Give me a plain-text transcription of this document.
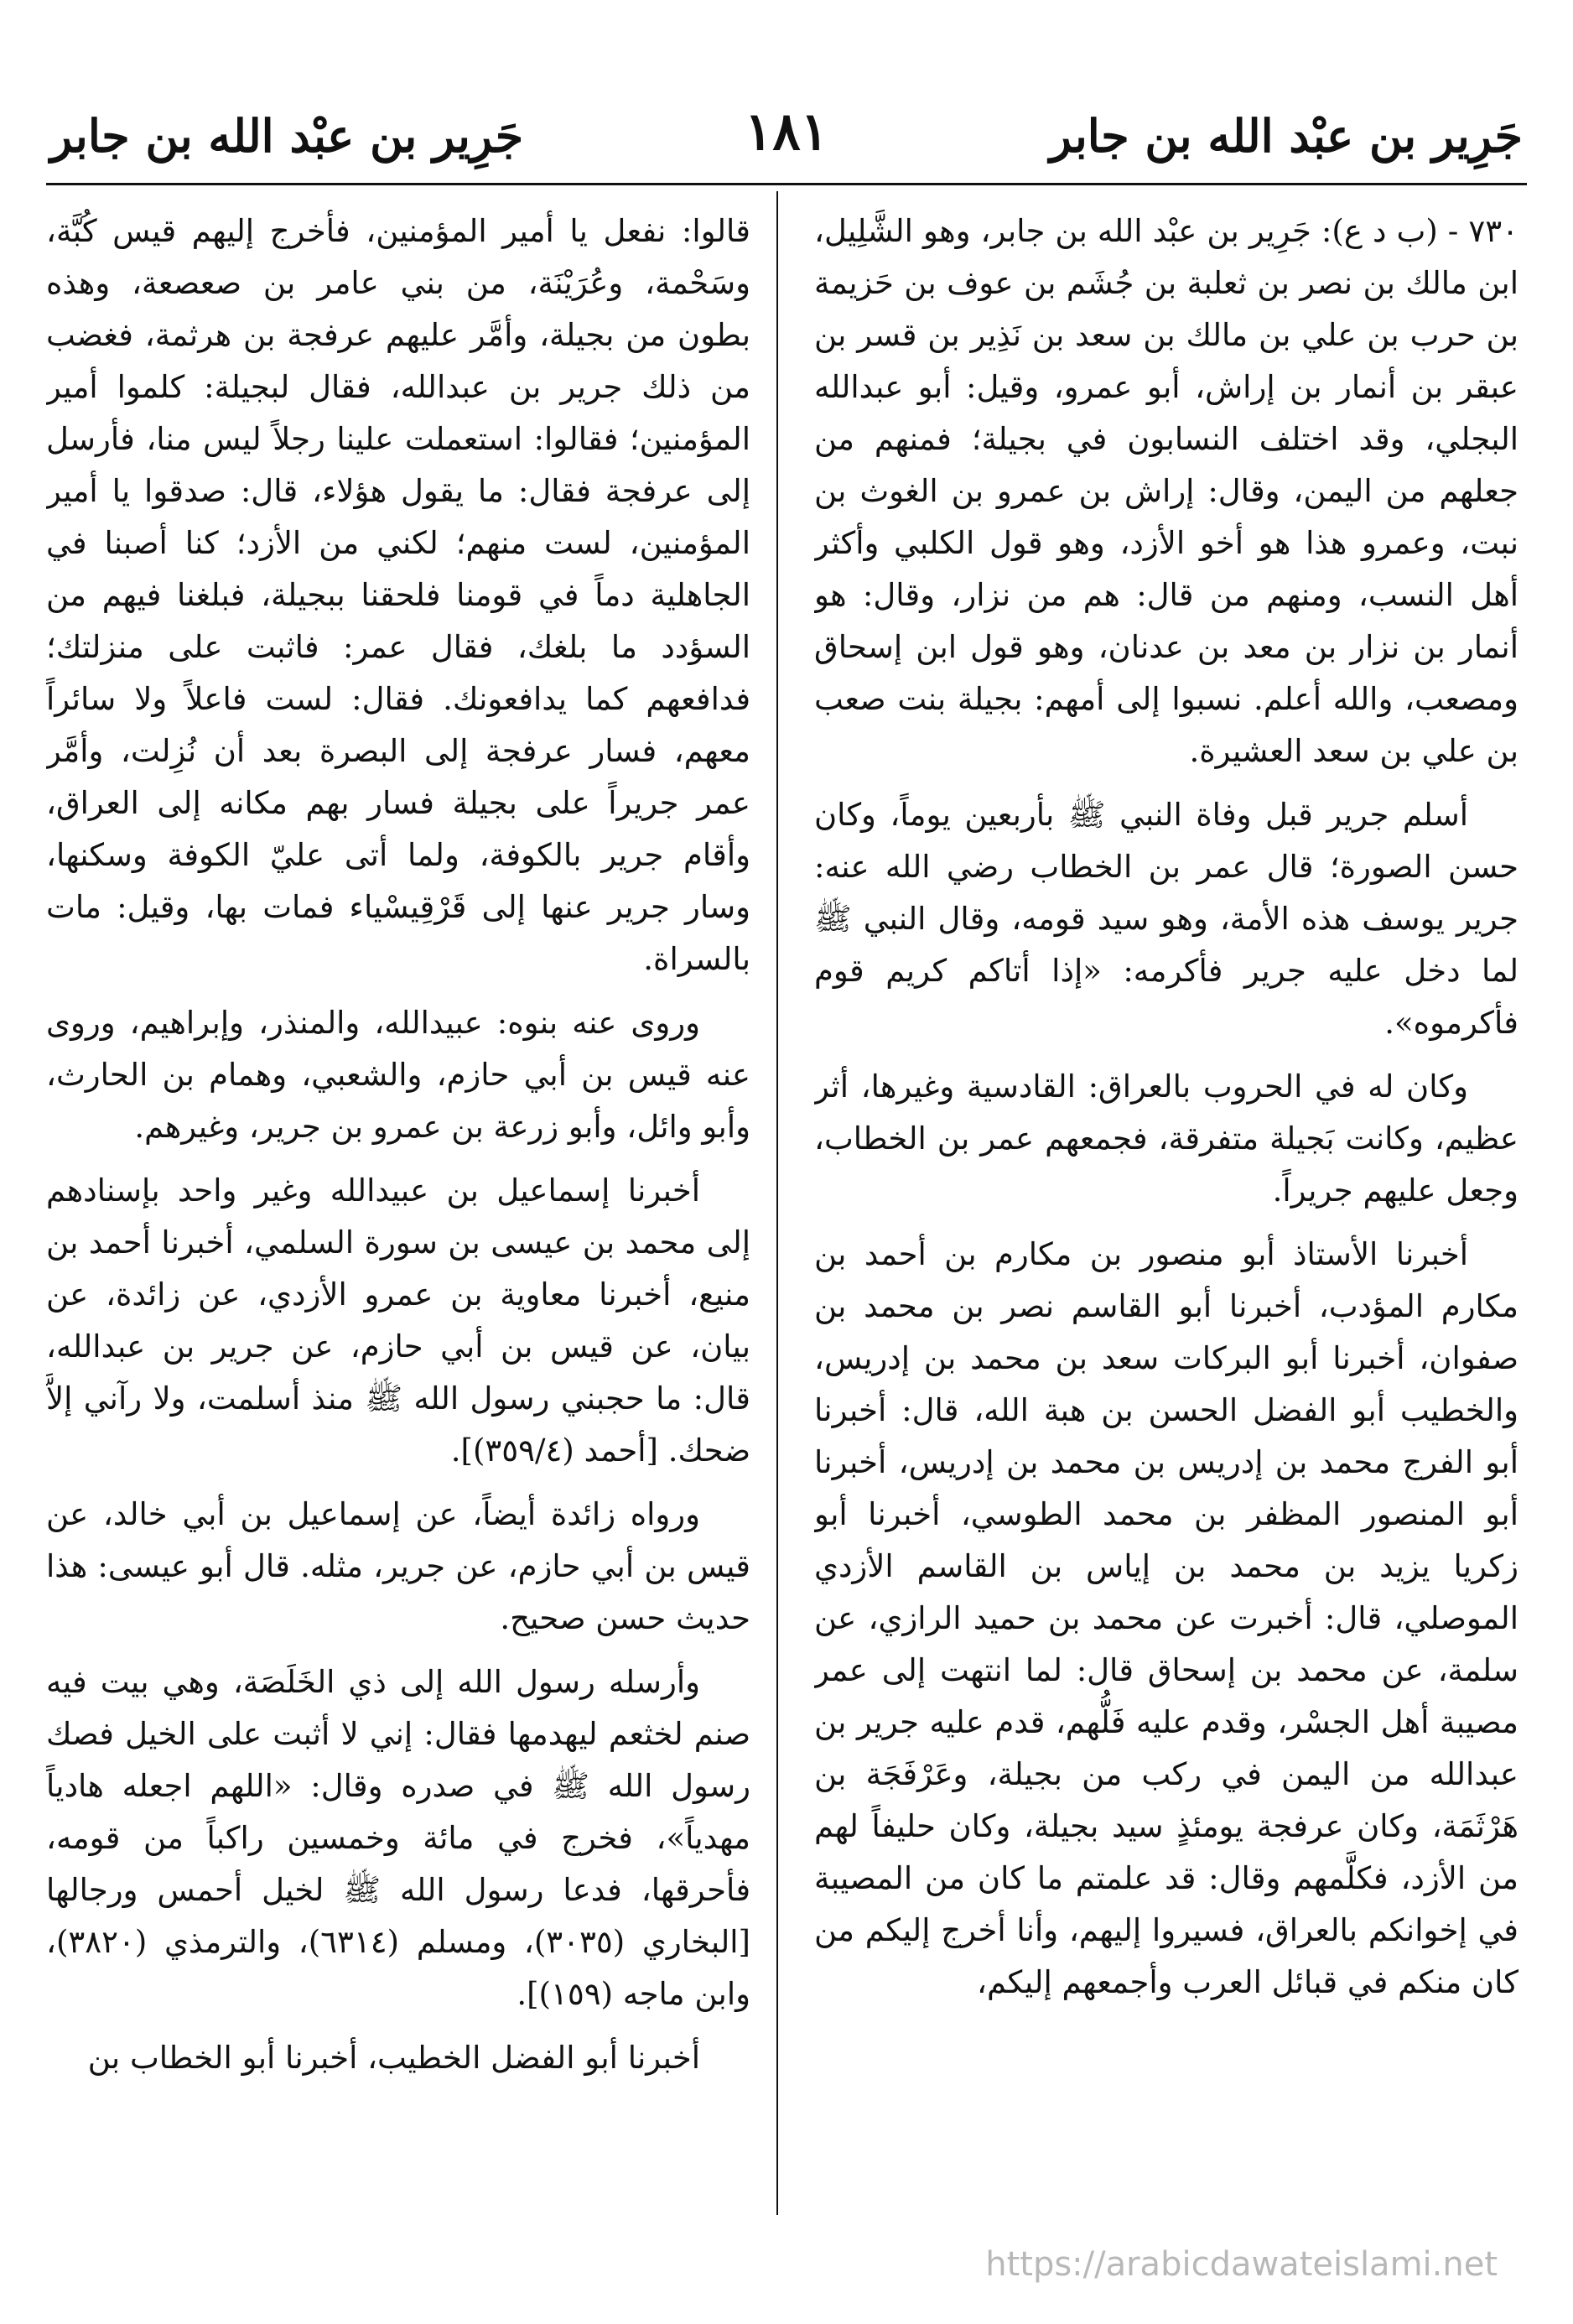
جَرِير بن عبْد الله بن جابر
١٨١
جَرِير بن عبْد الله بن جابر

٧٣٠ - (ب د ع): جَرِير بن عبْد الله بن جابر، وهو الشَّلِيل، ابن مالك بن نصر بن ثعلبة بن جُشَم بن عوف بن حَزيمة بن حرب بن علي بن مالك بن سعد بن نَذِير بن قسر بن عبقر بن أنمار بن إراش، أبو عمرو، وقيل: أبو عبدالله البجلي، وقد اختلف النسابون في بجيلة؛ فمنهم من جعلهم من اليمن، وقال: إراش بن عمرو بن الغوث بن نبت، وعمرو هذا هو أخو الأزد، وهو قول الكلبي وأكثر أهل النسب، ومنهم من قال: هم من نزار، وقال: هو أنمار بن نزار بن معد بن عدنان، وهو قول ابن إسحاق ومصعب، والله أعلم. نسبوا إلى أمهم: بجيلة بنت صعب بن علي بن سعد العشيرة.

أسلم جرير قبل وفاة النبي ﷺ بأربعين يوماً، وكان حسن الصورة؛ قال عمر بن الخطاب رضي الله عنه: جرير يوسف هذه الأمة، وهو سيد قومه، وقال النبي ﷺ لما دخل عليه جرير فأكرمه: «إذا أتاكم كريم قوم فأكرموه».

وكان له في الحروب بالعراق: القادسية وغيرها، أثر عظيم، وكانت بَجيلة متفرقة، فجمعهم عمر بن الخطاب، وجعل عليهم جريراً.

أخبرنا الأستاذ أبو منصور بن مكارم بن أحمد بن مكارم المؤدب، أخبرنا أبو القاسم نصر بن محمد بن صفوان، أخبرنا أبو البركات سعد بن محمد بن إدريس، والخطيب أبو الفضل الحسن بن هبة الله، قال: أخبرنا أبو الفرج محمد بن إدريس بن محمد بن إدريس، أخبرنا أبو المنصور المظفر بن محمد الطوسي، أخبرنا أبو زكريا يزيد بن محمد بن إياس بن القاسم الأزدي الموصلي، قال: أخبرت عن محمد بن حميد الرازي، عن سلمة، عن محمد بن إسحاق قال: لما انتهت إلى عمر مصيبة أهل الجسْر، وقدم عليه فَلُّهم، قدم عليه جرير بن عبدالله من اليمن في ركب من بجيلة، وعَرْفَجَة بن هَرْثَمَة، وكان عرفجة يومئذٍ سيد بجيلة، وكان حليفاً لهم من الأزد، فكلَّمهم وقال: قد علمتم ما كان من المصيبة في إخوانكم بالعراق، فسيروا إليهم، وأنا أخرج إليكم من كان منكم في قبائل العرب وأجمعهم إليكم،

قالوا: نفعل يا أمير المؤمنين، فأخرج إليهم قيس كُبَّة، وسَحْمة، وعُرَيْنَة، من بني عامر بن صعصعة، وهذه بطون من بجيلة، وأمَّر عليهم عرفجة بن هرثمة، فغضب من ذلك جرير بن عبدالله، فقال لبجيلة: كلموا أمير المؤمنين؛ فقالوا: استعملت علينا رجلاً ليس منا، فأرسل إلى عرفجة فقال: ما يقول هؤلاء، قال: صدقوا يا أمير المؤمنين، لست منهم؛ لكني من الأزد؛ كنا أصبنا في الجاهلية دماً في قومنا فلحقنا ببجيلة، فبلغنا فيهم من السؤدد ما بلغك، فقال عمر: فاثبت على منزلتك؛ فدافعهم كما يدافعونك. فقال: لست فاعلاً ولا سائراً معهم، فسار عرفجة إلى البصرة بعد أن نُزِلت، وأمَّر عمر جريراً على بجيلة فسار بهم مكانه إلى العراق، وأقام جرير بالكوفة، ولما أتى عليّ الكوفة وسكنها، وسار جرير عنها إلى قَرْقِيسْياء فمات بها، وقيل: مات بالسراة.

وروى عنه بنوه: عبيدالله، والمنذر، وإبراهيم، وروى عنه قيس بن أبي حازم، والشعبي، وهمام بن الحارث، وأبو وائل، وأبو زرعة بن عمرو بن جرير، وغيرهم.

أخبرنا إسماعيل بن عبيدالله وغير واحد بإسنادهم إلى محمد بن عيسى بن سورة السلمي، أخبرنا أحمد بن منيع، أخبرنا معاوية بن عمرو الأزدي، عن زائدة، عن بيان، عن قيس بن أبي حازم، عن جرير بن عبدالله، قال: ما حجبني رسول الله ﷺ منذ أسلمت، ولا رآني إلاَّ ضحك. [أحمد (٣٥٩/٤)].

ورواه زائدة أيضاً، عن إسماعيل بن أبي خالد، عن قيس بن أبي حازم، عن جرير، مثله. قال أبو عيسى: هذا حديث حسن صحيح.

وأرسله رسول الله إلى ذي الخَلَصَة، وهي بيت فيه صنم لخثعم ليهدمها فقال: إني لا أثبت على الخيل فصك رسول الله ﷺ في صدره وقال: «اللهم اجعله هادياً مهدياً»، فخرج في مائة وخمسين راكباً من قومه، فأحرقها، فدعا رسول الله ﷺ لخيل أحمس ورجالها [البخاري (٣٠٣٥)، ومسلم (٦٣١٤)، والترمذي (٣٨٢٠)، وابن ماجه (١٥٩)].

أخبرنا أبو الفضل الخطيب، أخبرنا أبو الخطاب بن

https://arabicdawateislami.net
